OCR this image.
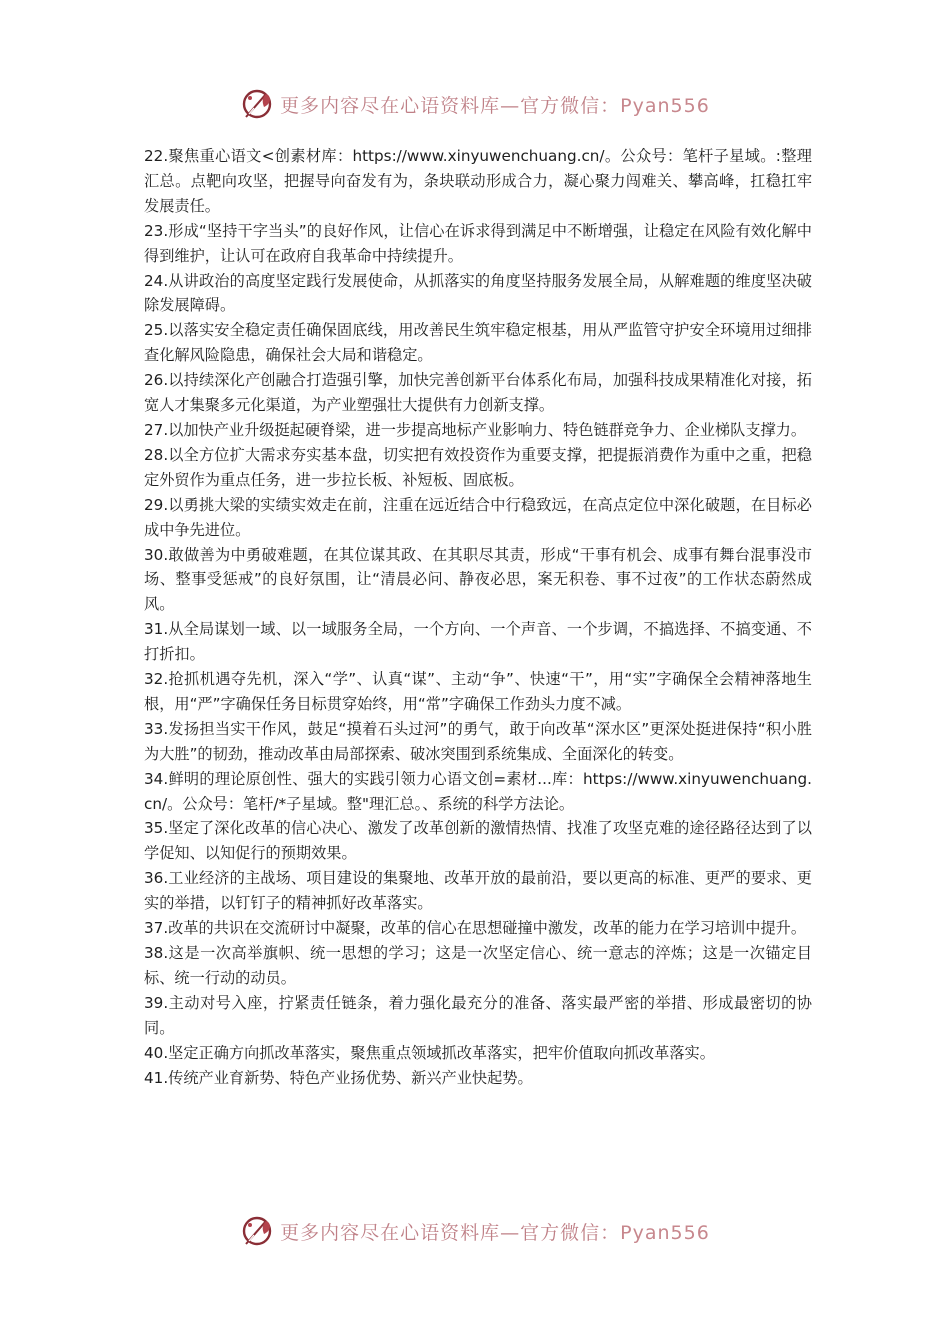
更多内容尽在心语资料库—官方微信：Pyan556

22.聚焦重心语文<创素材库：https://www.xinyuwenchuang.cn/。公众号：笔杆子星域。:整理汇总。点靶向攻坚，把握导向奋发有为，条块联动形成合力，凝心聚力闯难关、攀高峰，扛稳扛牢发展责任。

23.形成“坚持干字当头”的良好作风，让信心在诉求得到满足中不断增强，让稳定在风险有效化解中得到维护，让认可在政府自我革命中持续提升。

24.从讲政治的高度坚定践行发展使命，从抓落实的角度坚持服务发展全局，从解难题的维度坚决破除发展障碍。

25.以落实安全稳定责任确保固底线，用改善民生筑牢稳定根基，用从严监管守护安全环境用过细排查化解风险隐患，确保社会大局和谐稳定。

26.以持续深化产创融合打造强引擎，加快完善创新平台体系化布局，加强科技成果精准化对接，拓宽人才集聚多元化渠道，为产业塑强壮大提供有力创新支撑。

27.以加快产业升级挺起硬脊梁，进一步提高地标产业影响力、特色链群竞争力、企业梯队支撑力。

28.以全方位扩大需求夯实基本盘，切实把有效投资作为重要支撑，把提振消费作为重中之重，把稳定外贸作为重点任务，进一步拉长板、补短板、固底板。

29.以勇挑大梁的实绩实效走在前，注重在远近结合中行稳致远，在高点定位中深化破题，在目标必成中争先进位。

30.敢做善为中勇破难题，在其位谋其政、在其职尽其责，形成“干事有机会、成事有舞台混事没市场、整事受惩戒”的良好氛围，让“清晨必问、静夜必思，案无积卷、事不过夜”的工作状态蔚然成风。

31.从全局谋划一域、以一域服务全局，一个方向、一个声音、一个步调，不搞选择、不搞变通、不打折扣。

32.抢抓机遇夺先机，深入“学”、认真“谋”、主动“争”、快速“干”，用“实”字确保全会精神落地生根，用“严”字确保任务目标贯穿始终，用“常”字确保工作劲头力度不减。

33.发扬担当实干作风，鼓足“摸着石头过河”的勇气，敢于向改革“深水区”更深处挺进保持“积小胜为大胜”的韧劲，推动改革由局部探索、破冰突围到系统集成、全面深化的转变。

34.鲜明的理论原创性、强大的实践引领力心语文创=素材...库：https://www.xinyuwenchuang.cn/。公众号：笔杆/*子星域。整"理汇总。、系统的科学方法论。

35.坚定了深化改革的信心决心、激发了改革创新的激情热情、找准了攻坚克难的途径路径达到了以学促知、以知促行的预期效果。

36.工业经济的主战场、项目建设的集聚地、改革开放的最前沿，要以更高的标准、更严的要求、更实的举措，以钉钉子的精神抓好改革落实。

37.改革的共识在交流研讨中凝聚，改革的信心在思想碰撞中激发，改革的能力在学习培训中提升。

38.这是一次高举旗帜、统一思想的学习；这是一次坚定信心、统一意志的淬炼；这是一次锚定目标、统一行动的动员。

39.主动对号入座，拧紧责任链条，着力强化最充分的准备、落实最严密的举措、形成最密切的协同。

40.坚定正确方向抓改革落实，聚焦重点领域抓改革落实，把牢价值取向抓改革落实。

41.传统产业育新势、特色产业扬优势、新兴产业快起势。

更多内容尽在心语资料库—官方微信：Pyan556
